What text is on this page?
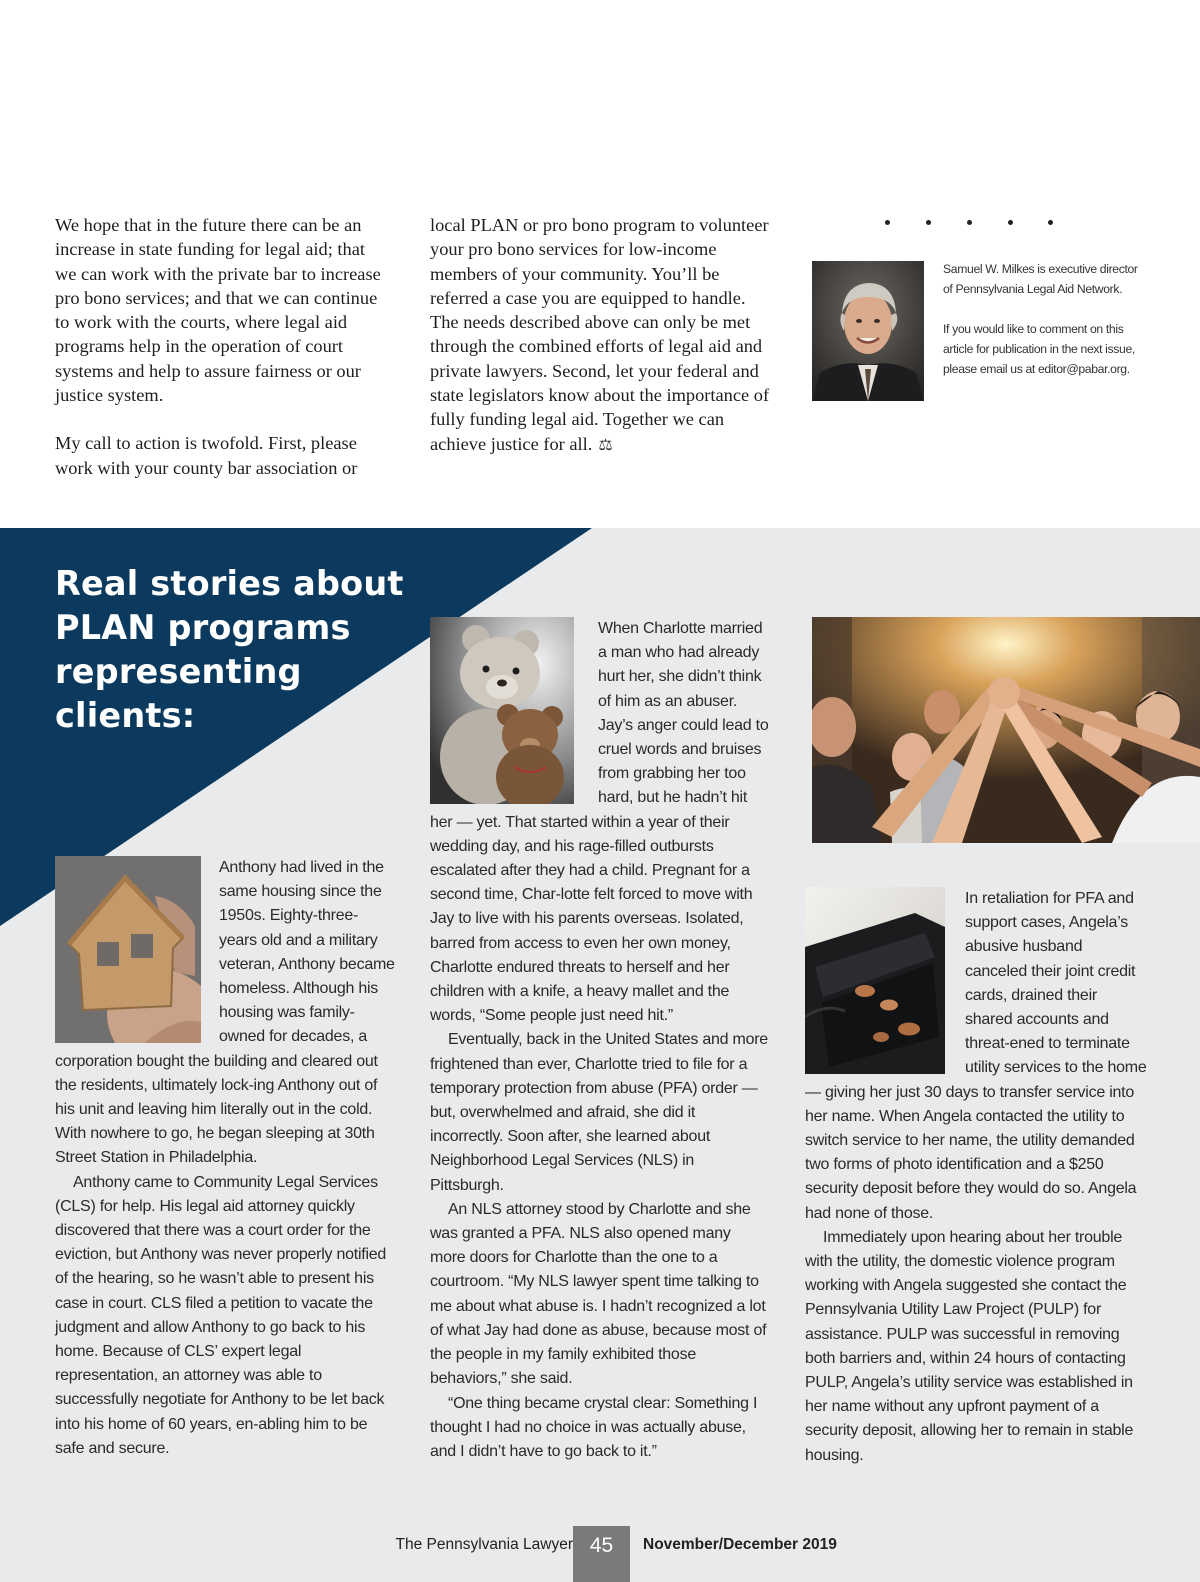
We hope that in the future there can be an increase in state funding for legal aid; that we can work with the private bar to increase pro bono services; and that we can continue to work with the courts, where legal aid programs help in the operation of court systems and help to assure fairness or our justice system.

My call to action is twofold. First, please work with your county bar association or

local PLAN or pro bono program to volunteer your pro bono services for low-income members of your community. You’ll be referred a case you are equipped to handle. The needs described above can only be met through the combined efforts of legal aid and private lawyers. Second, let your federal and state legislators know about the importance of fully funding legal aid. Together we can achieve justice for all. ⚖

Samuel W. Milkes is executive director of Pennsylvania Legal Aid Network.

If you would like to comment on this article for publication in the next issue, please email us at editor@pabar.org.

Real stories about PLAN programs representing clients:

When Charlotte married a man who had already hurt her, she didn’t think of him as an abuser. Jay’s anger could lead to cruel words and bruises from grabbing her too hard, but he hadn’t hit her — yet. That started within a year of their wedding day, and his rage-filled outbursts escalated after they had a child. Pregnant for a second time, Char-lotte felt forced to move with Jay to live with his parents overseas. Isolated, barred from access to even her own money, Charlotte endured threats to herself and her children with a knife, a heavy mallet and the words, “Some people just need hit.”

Eventually, back in the United States and more frightened than ever, Charlotte tried to file for a temporary protection from abuse (PFA) order — but, overwhelmed and afraid, she did it incorrectly. Soon after, she learned about Neighborhood Legal Services (NLS) in Pittsburgh.

An NLS attorney stood by Charlotte and she was granted a PFA. NLS also opened many more doors for Charlotte than the one to a courtroom. “My NLS lawyer spent time talking to me about what abuse is. I hadn’t recognized a lot of what Jay had done as abuse, because most of the people in my family exhibited those behaviors,” she said.

“One thing became crystal clear: Something I thought I had no choice in was actually abuse, and I didn’t have to go back to it.”

Anthony had lived in the same housing since the 1950s. Eighty-three-years old and a military veteran, Anthony became homeless. Although his housing was family-owned for decades, a corporation bought the building and cleared out the residents, ultimately lock-ing Anthony out of his unit and leaving him literally out in the cold. With nowhere to go, he began sleeping at 30th Street Station in Philadelphia.

Anthony came to Community Legal Services (CLS) for help. His legal aid attorney quickly discovered that there was a court order for the eviction, but Anthony was never properly notified of the hearing, so he wasn’t able to present his case in court. CLS filed a petition to vacate the judgment and allow Anthony to go back to his home. Because of CLS’ expert legal representation, an attorney was able to successfully negotiate for Anthony to be let back into his home of 60 years, en-abling him to be safe and secure.

In retaliation for PFA and support cases, Angela’s abusive husband canceled their joint credit cards, drained their shared accounts and threat-ened to terminate utility services to the home — giving her just 30 days to transfer service into her name. When Angela contacted the utility to switch service to her name, the utility demanded two forms of photo identification and a $250 security deposit before they would do so. Angela had none of those.

Immediately upon hearing about her trouble with the utility, the domestic violence program working with Angela suggested she contact the Pennsylvania Utility Law Project (PULP) for assistance. PULP was successful in removing both barriers and, within 24 hours of contacting PULP, Angela’s utility service was established in her name without any upfront payment of a security deposit, allowing her to remain in stable housing.

The Pennsylvania Lawyer 45	November/December 2019
